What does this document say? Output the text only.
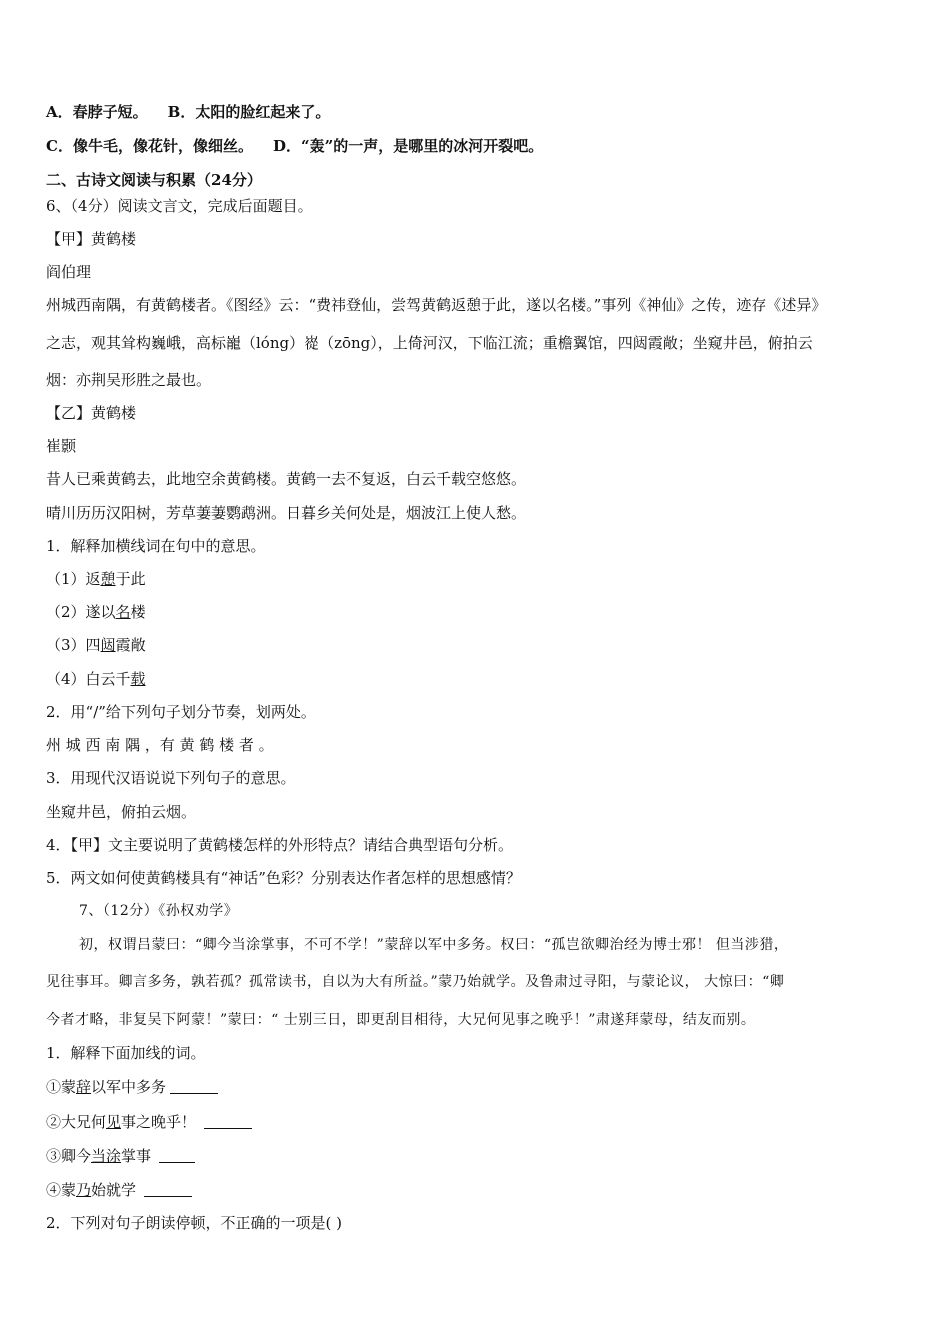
A．春脖子短。 B．太阳的脸红起来了。
C．像牛毛，像花针，像细丝。 D．“轰”的一声，是哪里的冰河开裂吧。
二、古诗文阅读与积累（24分）
6、（4分）阅读文言文，完成后面题目。
【甲】黄鹤楼
阎伯理
州城西南隅，有黄鹤楼者。《图经》云：“费祎登仙，尝驾黄鹤返憩于此，遂以名楼。”事列《神仙》之传，迹存《述异》
之志，观其耸构巍峨，高标巃（lóng）嵸（zōng），上倚河汉，下临江流；重檐翼馆，四闼霞敞；坐窥井邑，俯拍云
烟：亦荆吴形胜之最也。
【乙】黄鹤楼
崔颢
昔人已乘黄鹤去，此地空余黄鹤楼。黄鹤一去不复返，白云千载空悠悠。
晴川历历汉阳树，芳草萋萋鹦鹉洲。日暮乡关何处是，烟波江上使人愁。
1．解释加横线词在句中的意思。
（1）返憩于此
（2）遂以名楼
（3）四闼霞敞
（4）白云千载
2．用“/”给下列句子划分节奏，划两处。
州 城 西 南 隅 ，有 黄 鹤 楼 者 。
3．用现代汉语说说下列句子的意思。
坐窥井邑，俯拍云烟。
4．【甲】文主要说明了黄鹤楼怎样的外形特点？请结合典型语句分析。
5．两文如何使黄鹤楼具有“神话”色彩？分别表达作者怎样的思想感情？
7、（12分）《孙权劝学》
初，权谓吕蒙曰：“卿今当涂掌事，不可不学！”蒙辞以军中多务。权曰：“孤岂欲卿治经为博士邪！ 但当涉猎，
见往事耳。卿言多务，孰若孤？孤常读书，自以为大有所益。”蒙乃始就学。及鲁肃过寻阳，与蒙论议， 大惊曰：“卿
今者才略，非复吴下阿蒙！”蒙曰：“ 士别三日，即更刮目相待，大兄何见事之晚乎！”肃遂拜蒙母，结友而别。
1．解释下面加线的词。
①蒙辞以军中多务
②大兄何见事之晚乎！
③卿今当涂掌事
④蒙乃始就学
2．下列对句子朗读停顿，不正确的一项是( )
